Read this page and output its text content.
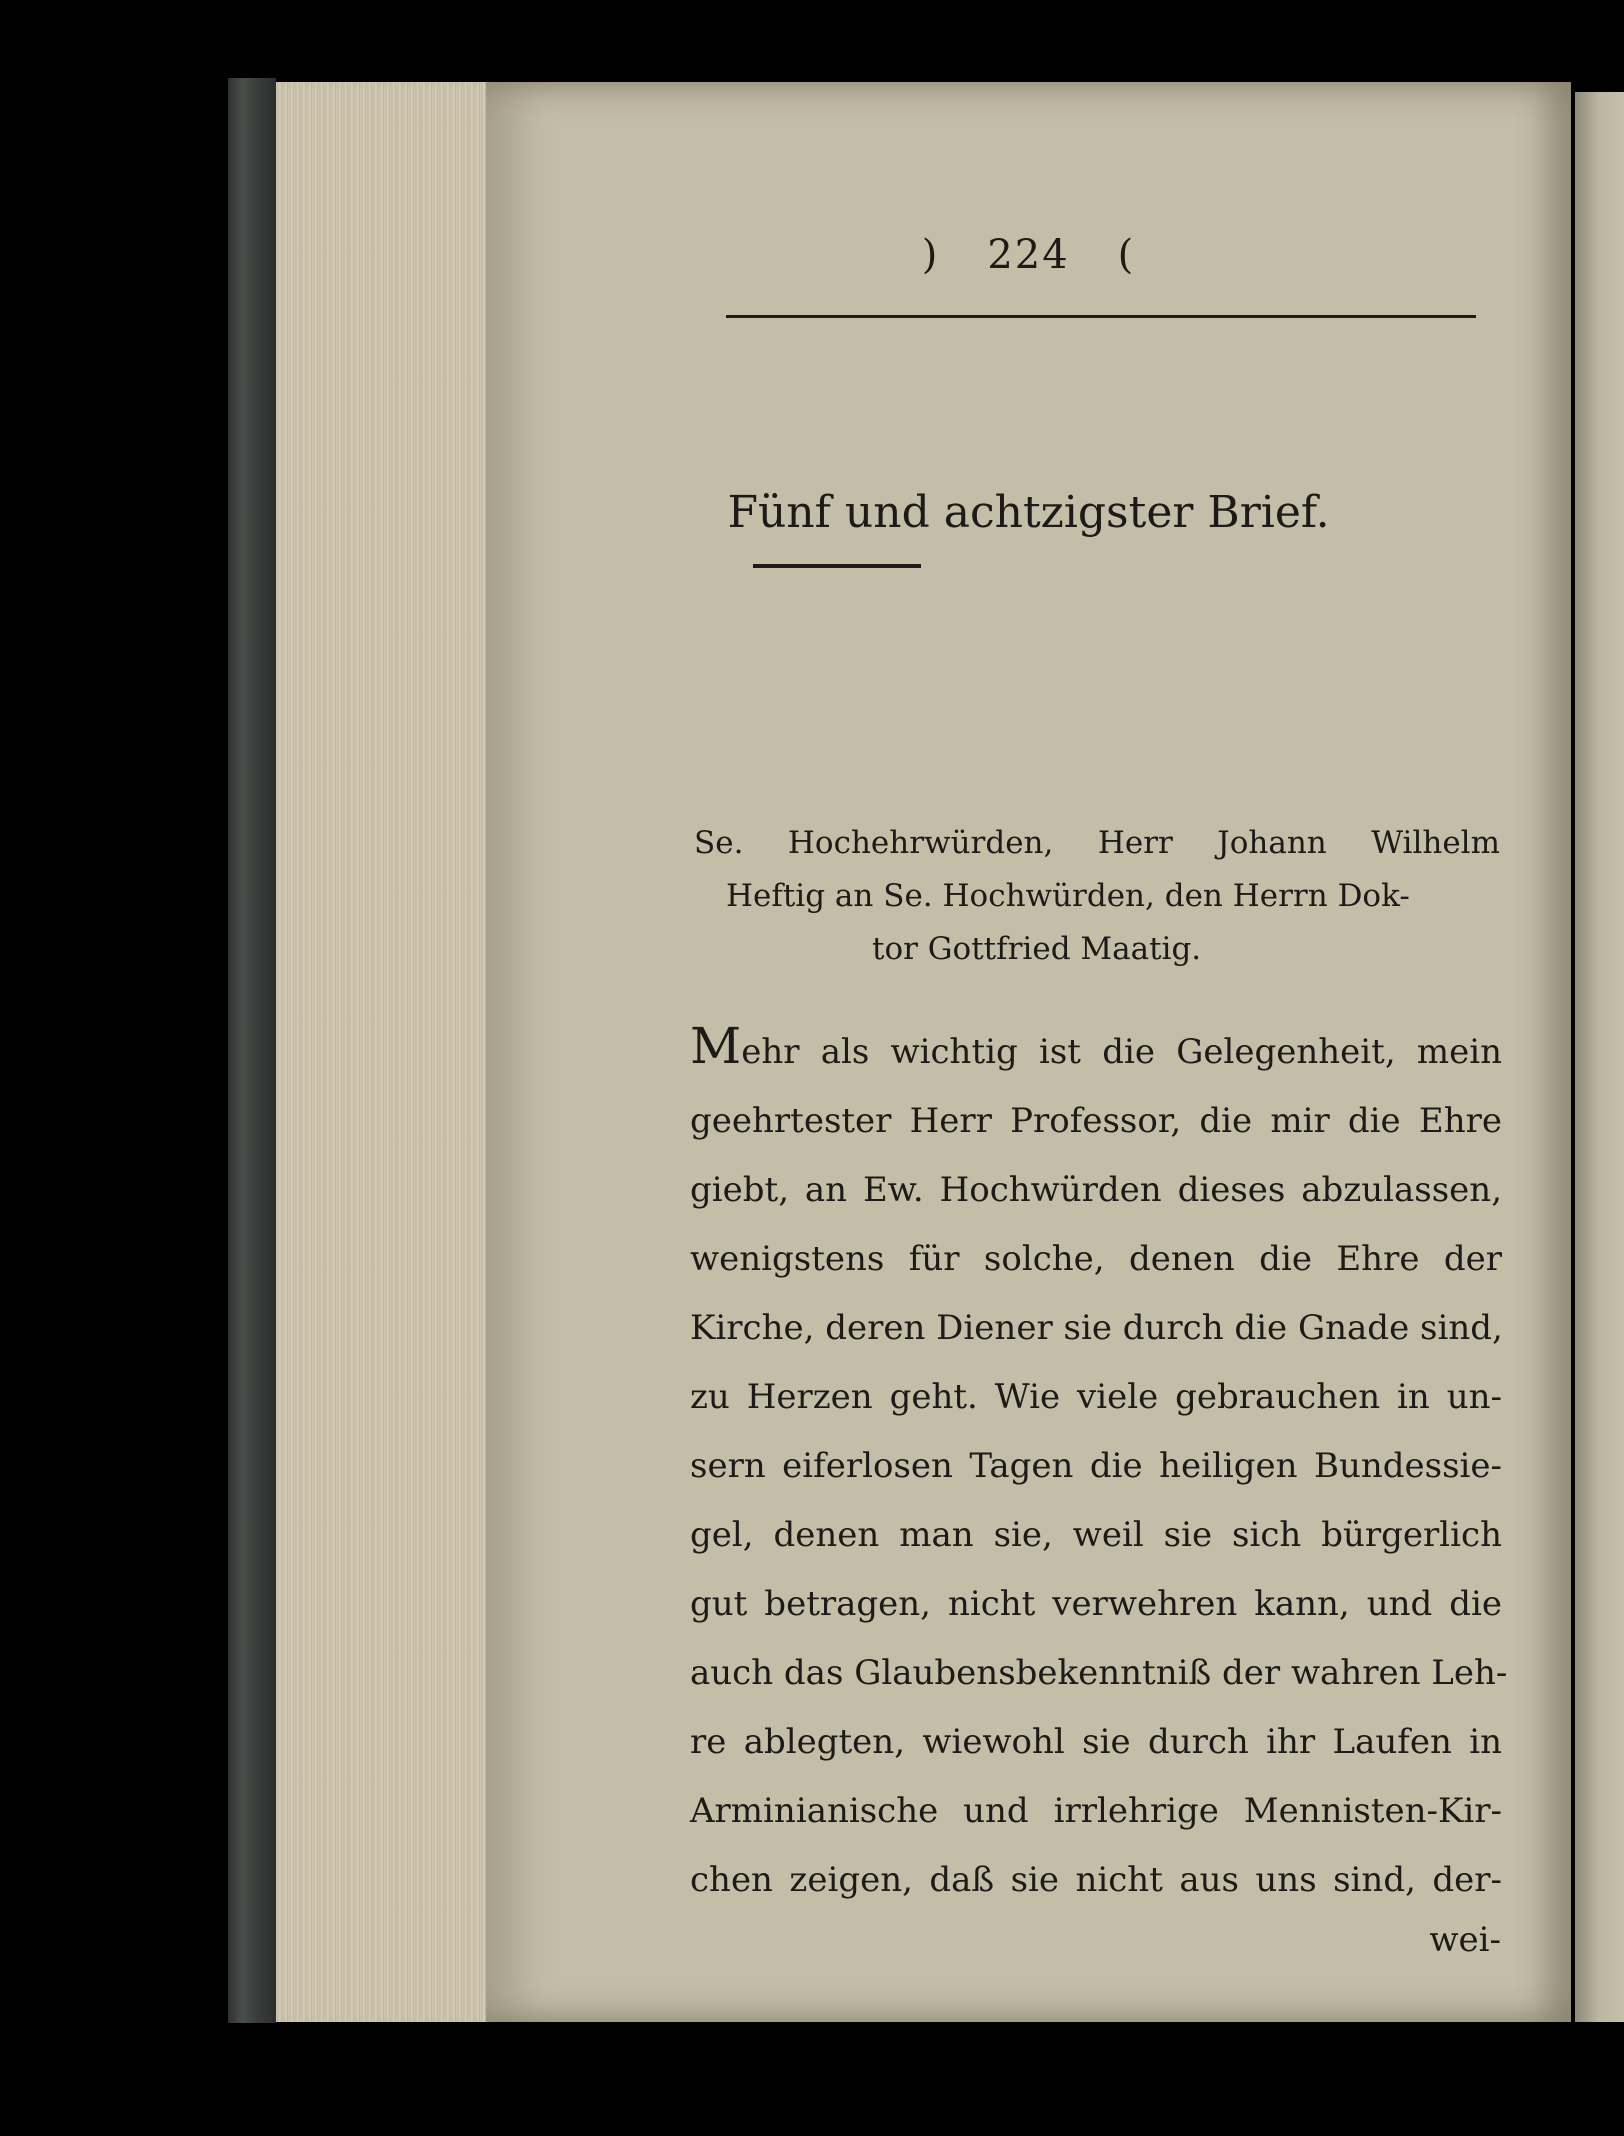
) 224 (
Fünf und achtzigster Brief.
Se. Hochehrwürden, Herr Johann Wilhelm
Heftig an Se. Hochwürden, den Herrn Dok-
tor Gottfried Maatig.
Mehr als wichtig ist die Gelegenheit, mein
geehrtester Herr Professor, die mir die Ehre
giebt, an Ew. Hochwürden dieses abzulassen,
wenigstens für solche, denen die Ehre der
Kirche, deren Diener sie durch die Gnade sind,
zu Herzen geht. Wie viele gebrauchen in un-
sern eiferlosen Tagen die heiligen Bundessie-
gel, denen man sie, weil sie sich bürgerlich
gut betragen, nicht verwehren kann, und die
auch das Glaubensbekenntniß der wahren Leh-
re ablegten, wiewohl sie durch ihr Laufen in
Arminianische und irrlehrige Mennisten-Kir-
chen zeigen, daß sie nicht aus uns sind, der-
wei-
